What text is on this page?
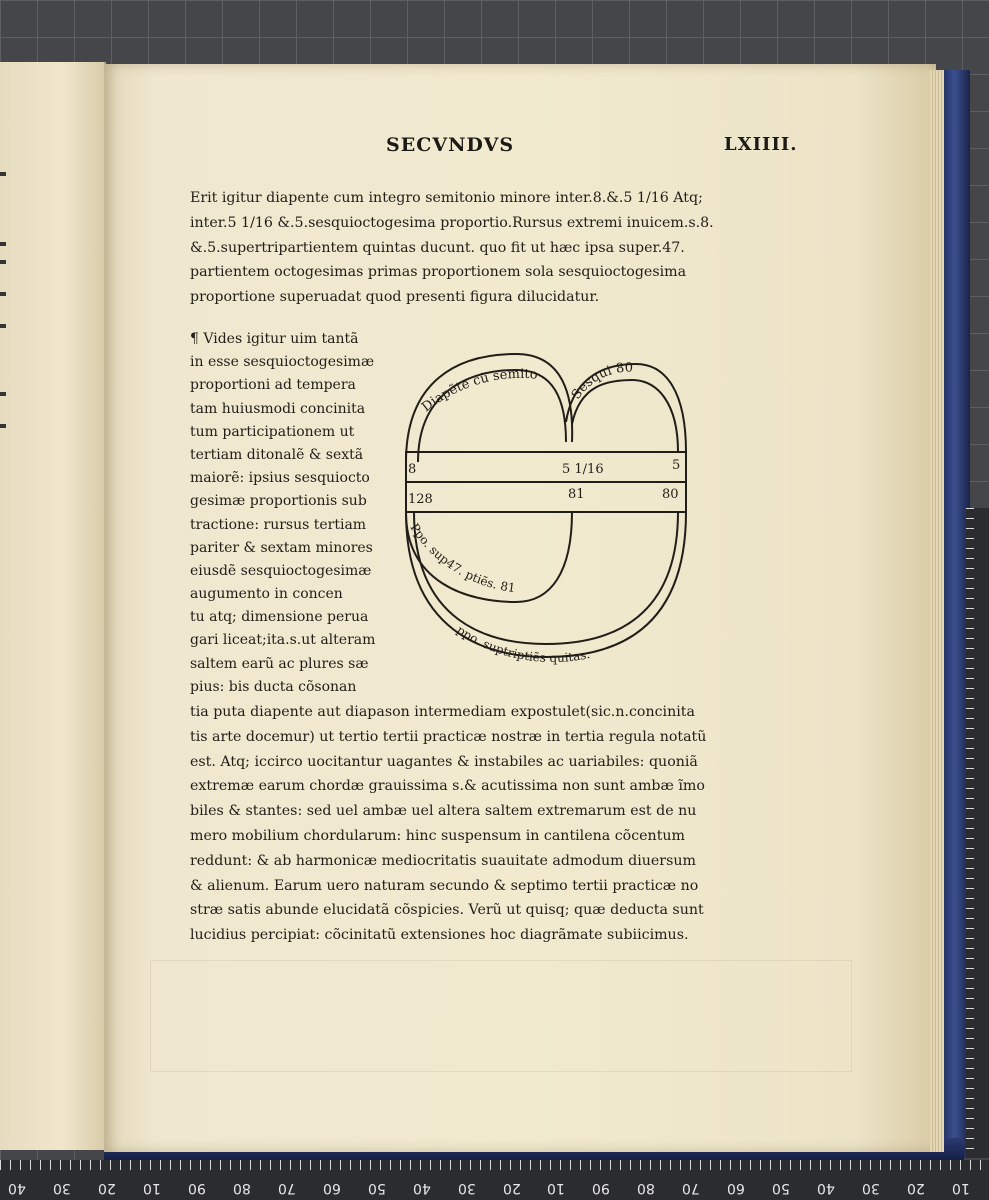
SECVNDVS	LXIIII.
Erit igitur diapente cum integro semitonio minore inter.8.&.5 1/16 Atq;
inter.5 1/16 &.5.sesquioctogesima proportio.Rursus extremi inuicem.s.8.
&.5.supertripartientem quintas ducunt. quo fit ut hæc ipsa super.47.
partientem octogesimas primas proportionem sola sesquioctogesima
proportione superuadat quod presenti figura dilucidatur.
¶ Vides igitur uim tantã
in esse sesquioctogesimæ
proportioni ad tempera
tam huiusmodi concinita
tum participationem ut
tertiam ditonalẽ & sextã
maiorẽ: ipsius sesquiocto
gesimæ proportionis sub
tractione: rursus tertiam
pariter & sextam minores
eiusdẽ sesquioctogesimæ
augumento in concen
tu atq; dimensione perua
gari liceat;ita.s.ut alteram
saltem earũ ac plures sæ
pius: bis ducta cõsonan
Diapẽte cũ semito
Sesqui 80
8	5 1/16	5
128	81	80
Ppo. sup47. ptiẽs. 81
ppo. suptriptiẽs quitas.
tia puta diapente aut diapason intermediam expostulet(sic.n.concinita
tis arte docemur) ut tertio tertii practicæ nostræ in tertia regula notatũ
est. Atq; iccirco uocitantur uagantes & instabiles ac uariabiles: quoniã
extremæ earum chordæ grauissima s.& acutissima non sunt ambæ ĩmo
biles & stantes: sed uel ambæ uel altera saltem extremarum est de nu
mero mobilium chordularum: hinc suspensum in cantilena cõcentum
reddunt: & ab harmonicæ mediocritatis suauitate admodum diuersum
& alienum. Earum uero naturam secundo & septimo tertii practicæ no
stræ satis abunde elucidatã cõspicies. Verũ ut quisq; quæ deducta sunt
lucidius percipiat: cõcinitatũ extensiones hoc diagrãmate subiicimus.
40 30 20 10 90 80 70 60 50 40 30 20 10 90 80 70 60 50 40 30 20 10
